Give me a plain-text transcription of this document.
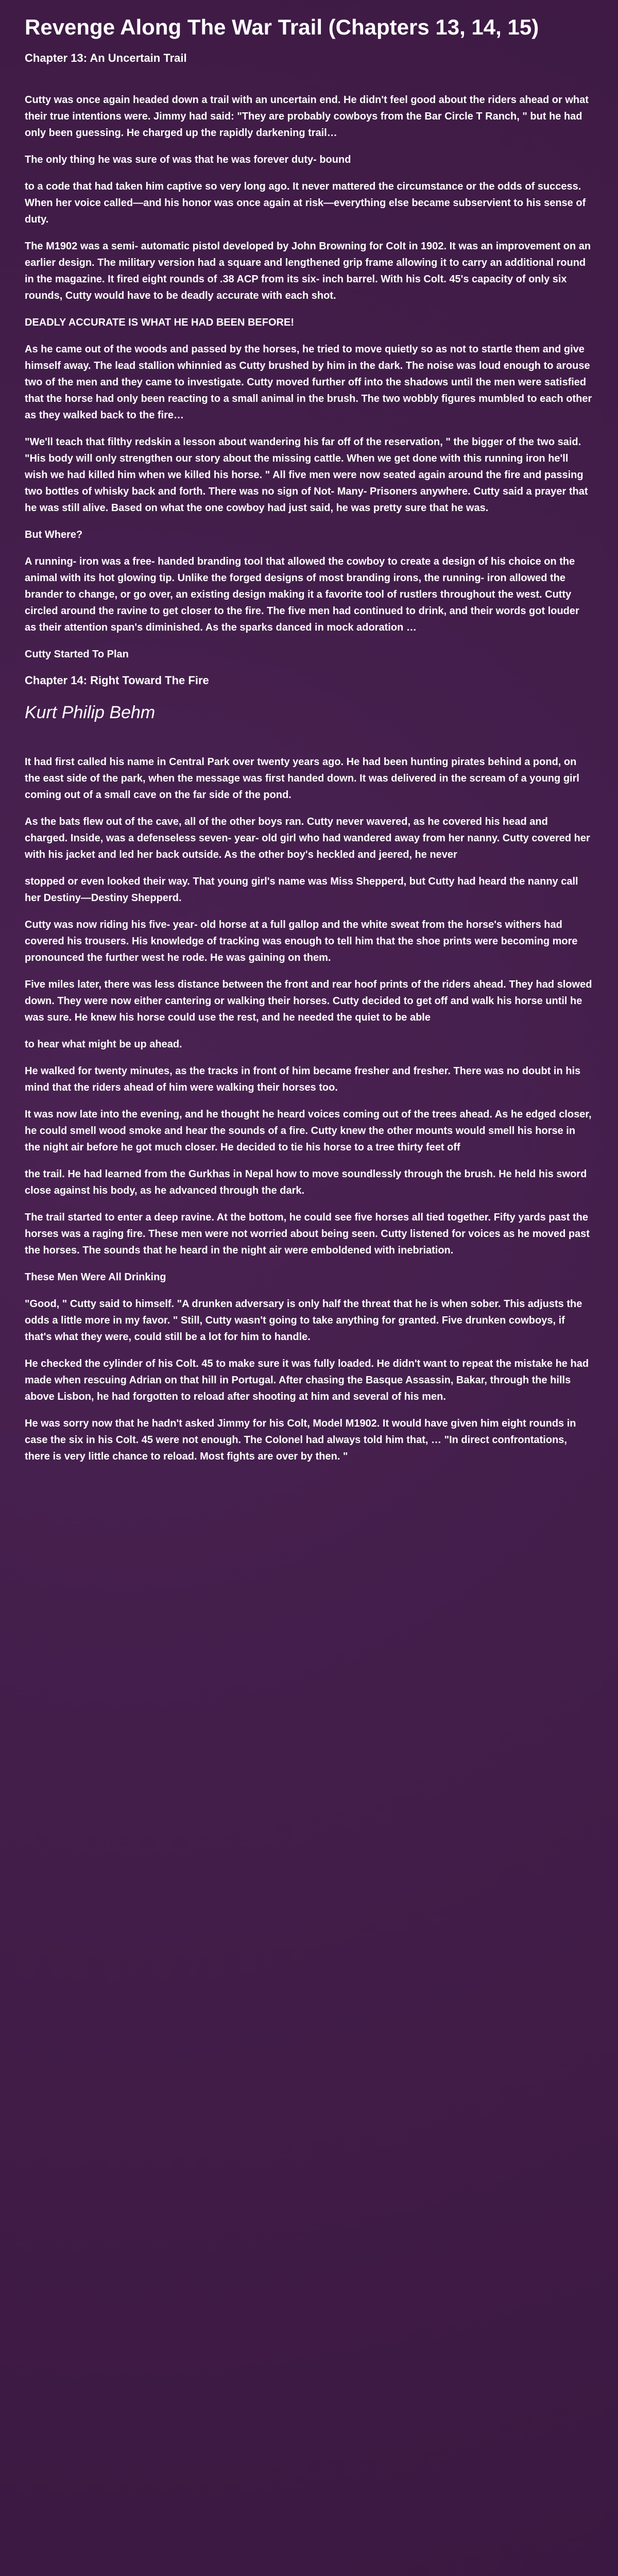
Revenge Along The War Trail (Chapters 13, 14, 15)
Chapter 13: An Uncertain Trail

Cutty was once again headed down a trail with an uncertain end. He didn't feel good about the riders ahead or what their true intentions were. Jimmy had said: "They are probably cowboys from the Bar Circle T Ranch, " but he had only been guessing. He charged up the rapidly darkening trail…

The only thing he was sure of was that he was forever duty- bound

to a code that had taken him captive so very long ago. It never mattered the circumstance or the odds of success. When her voice called—and his honor was once again at risk—everything else became subservient to his sense of duty.

The M1902 was a semi- automatic pistol developed by John Browning for Colt in 1902. It was an improvement on an earlier design. The military version had a square and lengthened grip frame allowing it to carry an additional round in the magazine. It fired eight rounds of .38 ACP from its six- inch barrel. With his Colt. 45's capacity of only six rounds, Cutty would have to be deadly accurate with each shot.

DEADLY ACCURATE IS WHAT HE HAD BEEN BEFORE!

As he came out of the woods and passed by the horses, he tried to move quietly so as not to startle them and give himself away. The lead stallion whinnied as Cutty brushed by him in the dark. The noise was loud enough to arouse two of the men and they came to investigate. Cutty moved further off into the shadows until the men were satisfied that the horse had only been reacting to a small animal in the brush. The two wobbly figures mumbled to each other as they walked back to the fire…

"We'll teach that filthy redskin a lesson about wandering his far off of the reservation, " the bigger of the two said. "His body will only strengthen our story about the missing cattle. When we get done with this running iron he'll wish we had killed him when we killed his horse. " All five men were now seated again around the fire and passing two bottles of whisky back and forth. There was no sign of Not- Many- Prisoners anywhere. Cutty said a prayer that he was still alive. Based on what the one cowboy had just said, he was pretty sure that he was.

But Where?

A running- iron was a free- handed branding tool that allowed the cowboy to create a design of his choice on the animal with its hot glowing tip. Unlike the forged designs of most branding irons, the running- iron allowed the brander to change, or go over, an existing design making it a favorite tool of rustlers throughout the west. Cutty circled around the ravine to get closer to the fire. The five men had continued to drink, and their words got louder as their attention span's diminished. As the sparks danced in mock adoration …

Cutty Started To Plan

Chapter 14: Right Toward The Fire
Kurt Philip Behm

It had first called his name in Central Park over twenty years ago. He had been hunting pirates behind a pond, on the east side of the park, when the message was first handed down. It was delivered in the scream of a young girl coming out of a small cave on the far side of the pond.

As the bats flew out of the cave, all of the other boys ran. Cutty never wavered, as he covered his head and charged. Inside, was a defenseless seven- year- old girl who had wandered away from her nanny. Cutty covered her with his jacket and led her back outside. As the other boy's heckled and jeered, he never

stopped or even looked their way. That young girl's name was Miss Shepperd, but Cutty had heard the nanny call her Destiny—Destiny Shepperd.

Cutty was now riding his five- year- old horse at a full gallop and the white sweat from the horse's withers had covered his trousers. His knowledge of tracking was enough to tell him that the shoe prints were becoming more pronounced the further west he rode. He was gaining on them.

Five miles later, there was less distance between the front and rear hoof prints of the riders ahead. They had slowed down. They were now either cantering or walking their horses. Cutty decided to get off and walk his horse until he was sure. He knew his horse could use the rest, and he needed the quiet to be able

to hear what might be up ahead.

He walked for twenty minutes, as the tracks in front of him became fresher and fresher. There was no doubt in his mind that the riders ahead of him were walking their horses too.

It was now late into the evening, and he thought he heard voices coming out of the trees ahead. As he edged closer, he could smell wood smoke and hear the sounds of a fire. Cutty knew the other mounts would smell his horse in the night air before he got much closer. He decided to tie his horse to a tree thirty feet off

the trail. He had learned from the Gurkhas in Nepal how to move soundlessly through the brush. He held his sword close against his body, as he advanced through the dark.

The trail started to enter a deep ravine. At the bottom, he could see five horses all tied together. Fifty yards past the horses was a raging fire. These men were not worried about being seen. Cutty listened for voices as he moved past the horses. The sounds that he heard in the night air were emboldened with inebriation.

These Men Were All Drinking

"Good, " Cutty said to himself. "A drunken adversary is only half the threat that he is when sober. This adjusts the odds a little more in my favor. " Still, Cutty wasn't going to take anything for granted. Five drunken cowboys, if that's what they were, could still be a lot for him to handle.

He checked the cylinder of his Colt. 45 to make sure it was fully loaded. He didn't want to repeat the mistake he had made when rescuing Adrian on that hill in Portugal. After chasing the Basque Assassin, Bakar, through the hills above Lisbon, he had forgotten to reload after shooting at him and several of his men.

He was sorry now that he hadn't asked Jimmy for his Colt, Model M1902. It would have given him eight rounds in case the six in his Colt. 45 were not enough. The Colonel had always told him that, … "In direct confrontations, there is very little chance to reload. Most fights are over by then. "
